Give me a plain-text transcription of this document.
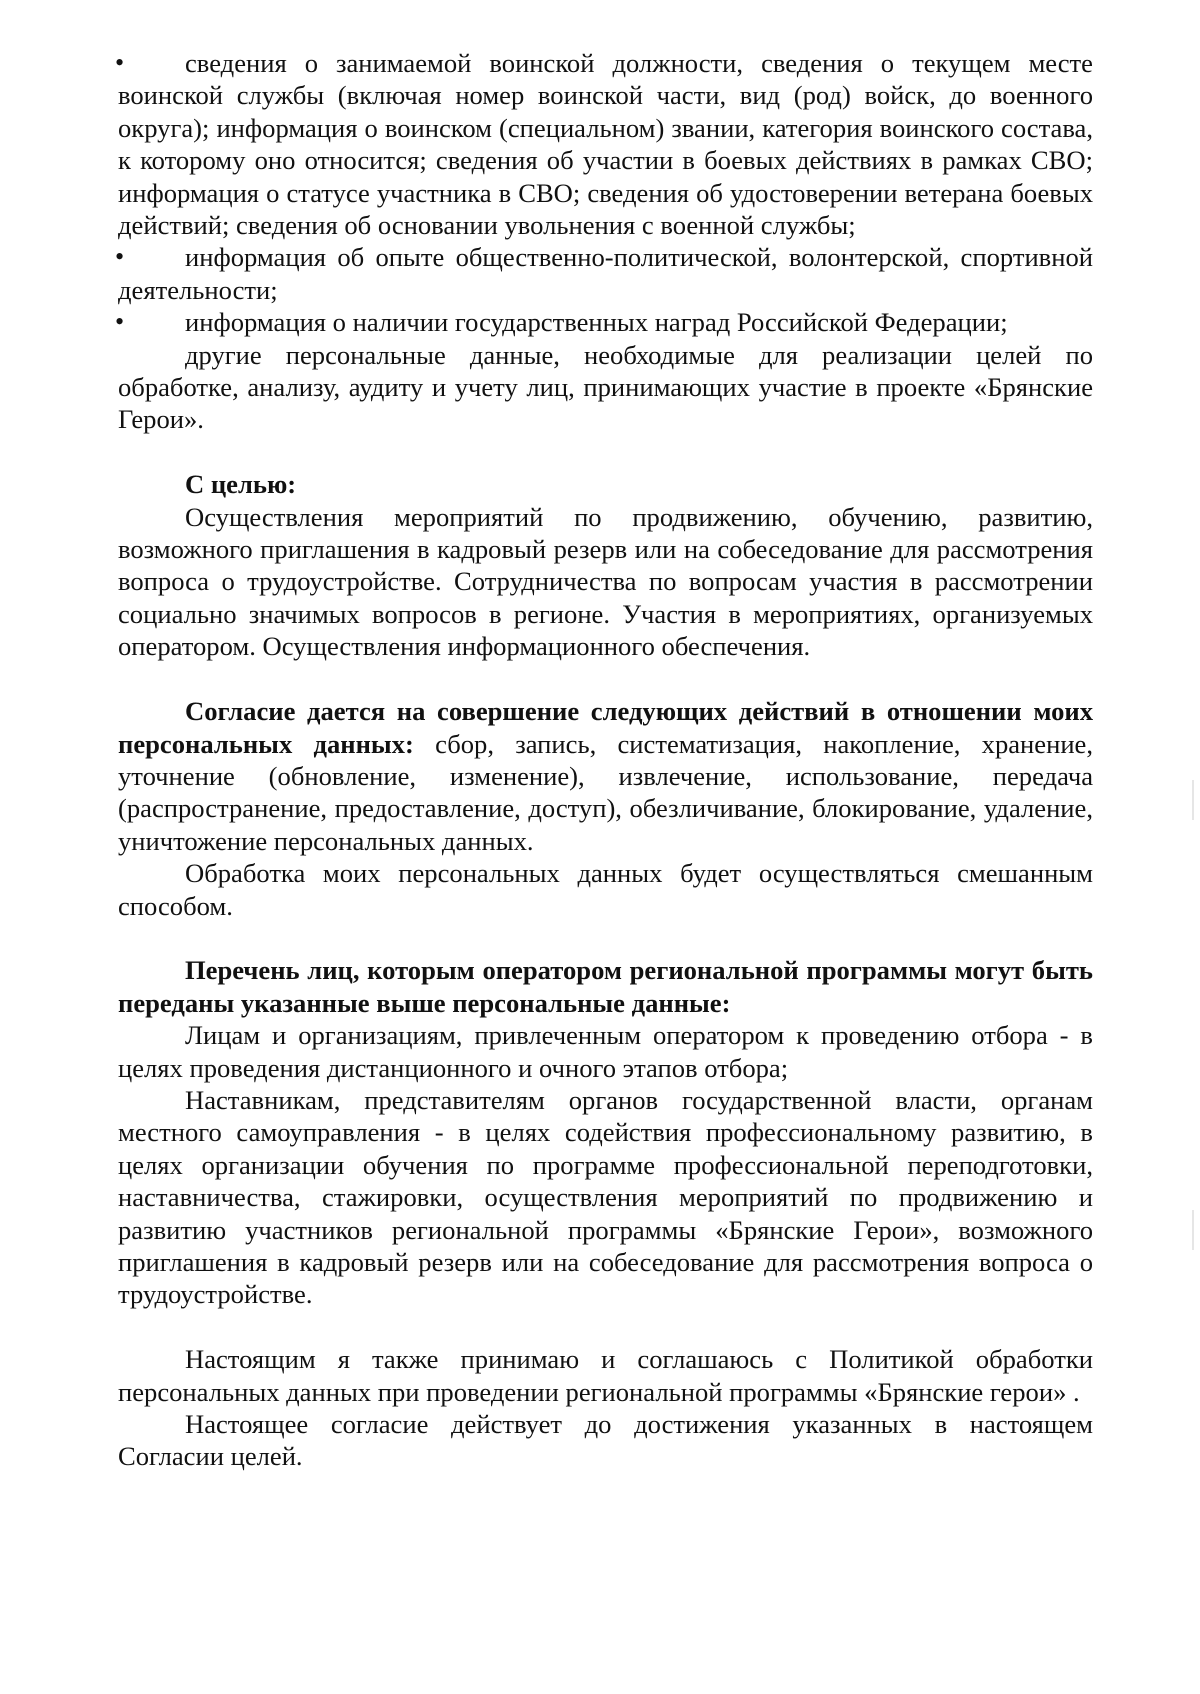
•	сведения о занимаемой воинской должности, сведения о текущем месте воинской службы (включая номер воинской части, вид (род) войск, до военного округа); информация о воинском (специальном) звании, категория воинского состава, к которому оно относится; сведения об участии в боевых действиях в рамках СВО; информация о статусе участника в СВО; сведения об удостоверении ветерана боевых действий; сведения об основании увольнения с военной службы;
•	информация об опыте общественно-политической, волонтерской, спортивной деятельности;
•	информация о наличии государственных наград Российской Федерации;

другие персональные данные, необходимые для реализации целей по обработке, анализу, аудиту и учету лиц, принимающих участие в проекте «Брянские Герои».

С целью:

Осуществления мероприятий по продвижению, обучению, развитию, возможного приглашения в кадровый резерв или на собеседование для рассмотрения вопроса о трудоустройстве. Сотрудничества по вопросам участия в рассмотрении социально значимых вопросов в регионе. Участия в мероприятиях, организуемых оператором. Осуществления информационного обеспечения.

Согласие дается на совершение следующих действий в отношении моих персональных данных: сбор, запись, систематизация, накопление, хранение, уточнение (обновление, изменение), извлечение, использование, передача (распространение, предоставление, доступ), обезличивание, блокирование, удаление, уничтожение персональных данных.

Обработка моих персональных данных будет осуществляться смешанным способом.

Перечень лиц, которым оператором региональной программы могут быть переданы указанные выше персональные данные:

Лицам и организациям, привлеченным оператором к проведению отбора - в целях проведения дистанционного и очного этапов отбора;

Наставникам, представителям органов государственной власти, органам местного самоуправления - в целях содействия профессиональному развитию, в целях организации обучения по программе профессиональной переподготовки, наставничества, стажировки, осуществления мероприятий по продвижению и развитию участников региональной программы «Брянские Герои», возможного приглашения в кадровый резерв или на собеседование для рассмотрения вопроса о трудоустройстве.

Настоящим я также принимаю и соглашаюсь с Политикой обработки персональных данных при проведении региональной программы «Брянские герои» .

Настоящее согласие действует до достижения указанных в настоящем Согласии целей.
